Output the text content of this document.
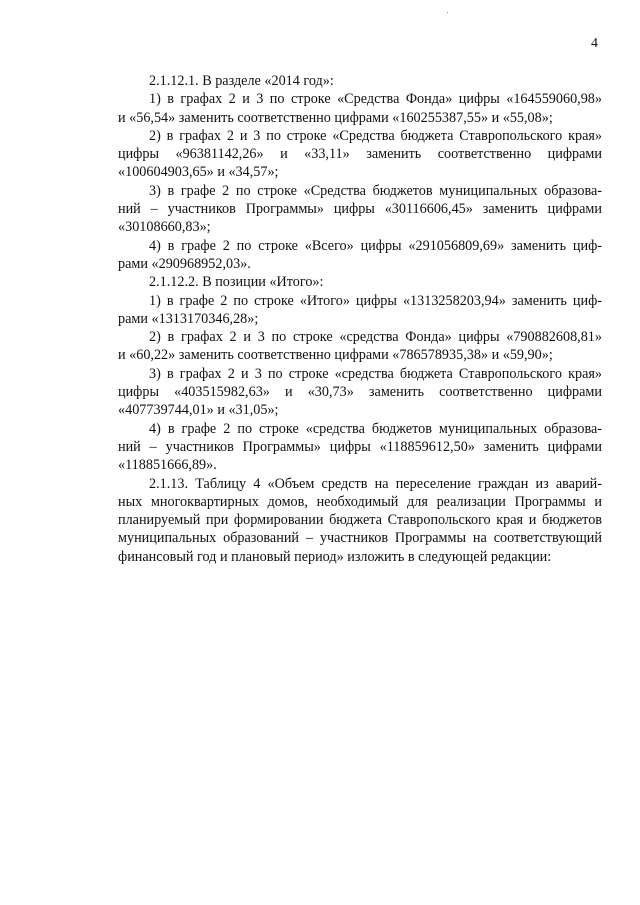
4
2.1.12.1. В разделе «2014 год»:
1) в графах 2 и 3 по строке «Средства Фонда» цифры «164559060,98»
и «56,54» заменить соответственно цифрами «160255387,55» и «55,08»;
2) в графах 2 и 3 по строке «Средства бюджета Ставропольского края»
цифры «96381142,26» и «33,11» заменить соответственно цифрами
«100604903,65» и «34,57»;
3) в графе 2 по строке «Средства бюджетов муниципальных образова-
ний – участников Программы» цифры «30116606,45» заменить цифрами
«30108660,83»;
4) в графе 2 по строке «Всего» цифры «291056809,69» заменить циф-
рами «290968952,03».
2.1.12.2. В позиции «Итого»:
1) в графе 2 по строке «Итого» цифры «1313258203,94» заменить циф-
рами «1313170346,28»;
2) в графах 2 и 3 по строке «средства Фонда» цифры «790882608,81»
и «60,22» заменить соответственно цифрами «786578935,38» и «59,90»;
3) в графах 2 и 3 по строке «средства бюджета Ставропольского края»
цифры «403515982,63» и «30,73» заменить соответственно цифрами
«407739744,01» и «31,05»;
4) в графе 2 по строке «средства бюджетов муниципальных образова-
ний – участников Программы» цифры «118859612,50» заменить цифрами
«118851666,89».
2.1.13. Таблицу 4 «Объем средств на переселение граждан из аварий-
ных многоквартирных домов, необходимый для реализации Программы и
планируемый при формировании бюджета Ставропольского края и бюджетов
муниципальных образований – участников Программы на соответствующий
финансовый год и плановый период» изложить в следующей редакции:
